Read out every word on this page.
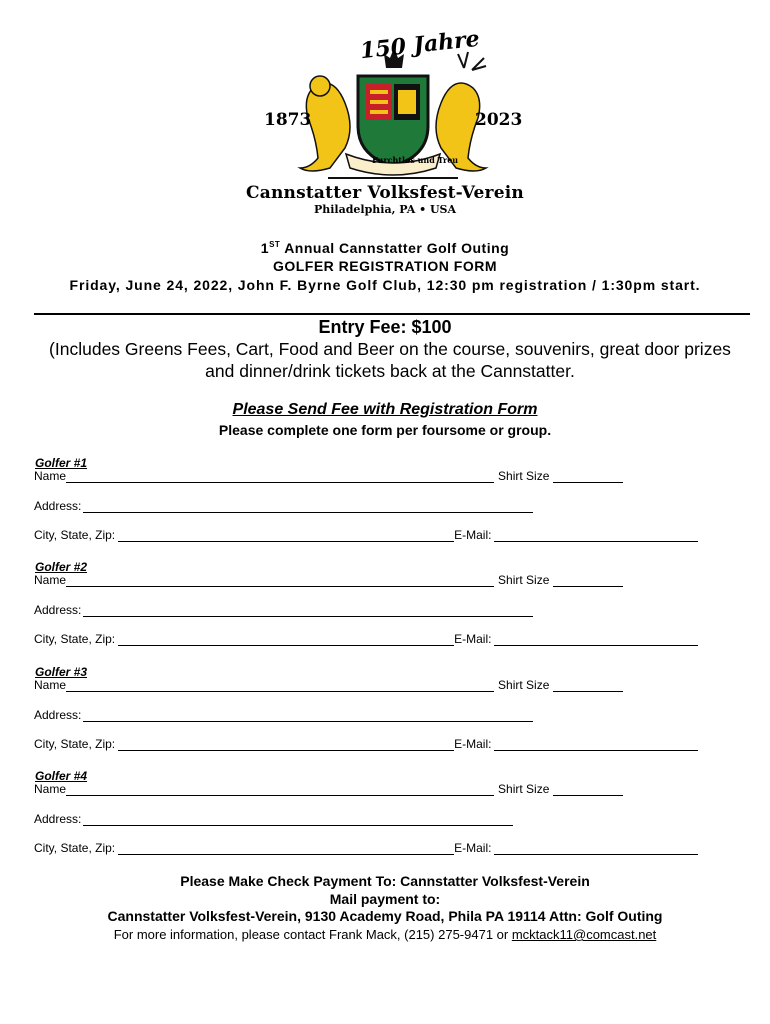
150 Jahre
1873	2023
Furchtlos und Treu
Cannstatter Volksfest-Verein
Philadelphia, PA • USA
1ST Annual Cannstatter Golf Outing
GOLFER REGISTRATION FORM
Friday, June 24, 2022, John F. Byrne Golf Club, 12:30 pm registration / 1:30pm start.
Entry Fee: $100
(Includes Greens Fees, Cart, Food and Beer on the course, souvenirs, great door prizes and dinner/drink tickets back at the Cannstatter.
Please Send Fee with Registration Form
Please complete one form per foursome or group.
Golfer #1
Name	Shirt Size
Address:
City, State, Zip:	E-Mail:
Golfer #2
Name	Shirt Size
Address:
City, State, Zip:	E-Mail:
Golfer #3
Name	Shirt Size
Address:
City, State, Zip:	E-Mail:
Golfer #4
Name	Shirt Size
Address:
City, State, Zip:	E-Mail:
Please Make Check Payment To: Cannstatter Volksfest-Verein
Mail payment to:
Cannstatter Volksfest-Verein, 9130 Academy Road, Phila PA 19114 Attn: Golf Outing
For more information, please contact Frank Mack, (215) 275-9471 or mcktack11@comcast.net
